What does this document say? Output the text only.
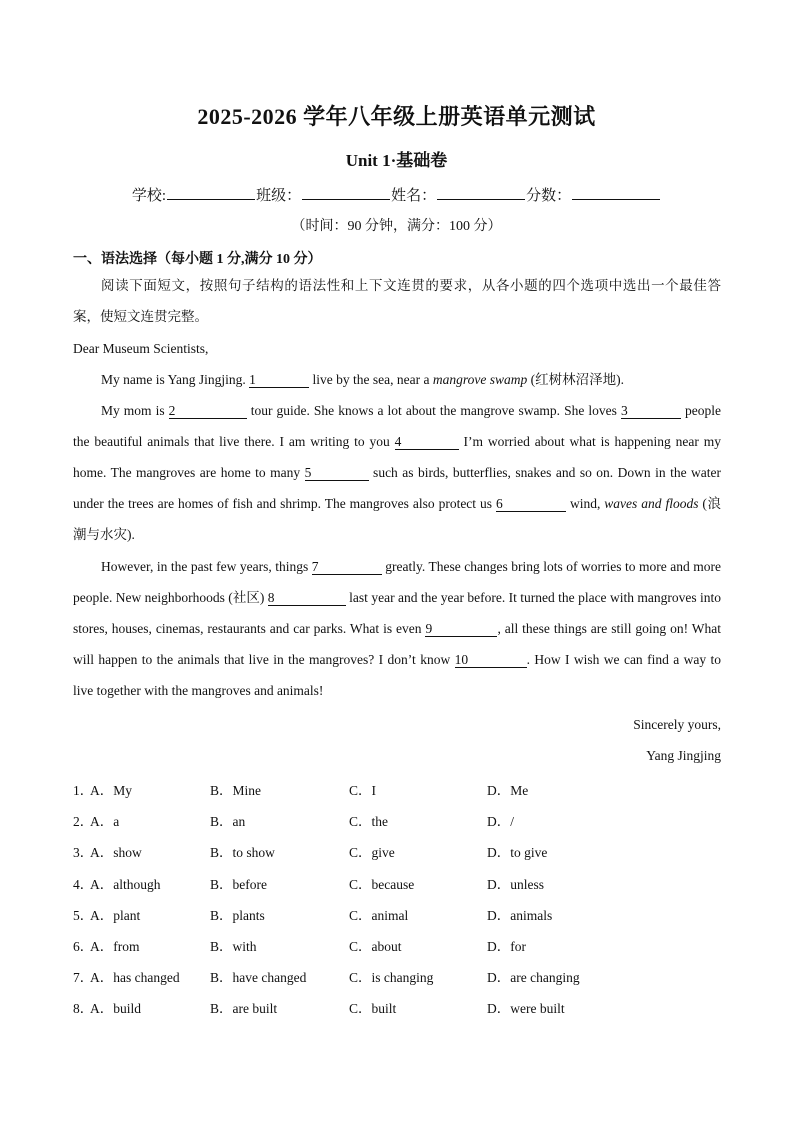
2025-2026 学年八年级上册英语单元测试
Unit 1·基础卷
学校:	班级：	姓名：	分数：
（时间：90 分钟，满分：100 分）
一、语法选择（每小题 1 分,满分 10 分）
阅读下面短文，按照句子结构的语法性和上下文连贯的要求，从各小题的四个选项中选出一个最佳答案，使短文连贯完整。
Dear Museum Scientists,
My name is Yang Jingjing. 1	live by the sea, near a mangrove swamp (红树林沼泽地).
My mom is 2	tour guide. She knows a lot about the mangrove swamp. She loves 3	people the beautiful animals that live there. I am writing to you 4	I’m worried about what is happening near my home. The mangroves are home to many 5	such as birds, butterflies, snakes and so on. Down in the water under the trees are homes of fish and shrimp. The mangroves also protect us 6	wind, waves and floods (浪潮与水灾).
However, in the past few years, things 7	greatly. These changes bring lots of worries to more and more people. New neighborhoods (社区) 8	last year and the year before. It turned the place with mangroves into stores, houses, cinemas, restaurants and car parks. What is even 9	, all these things are still going on! What will happen to the animals that live in the mangroves? I don’t know 10	. How I wish we can find a way to live together with the mangroves and animals!
Sincerely yours,
Yang Jingjing
1．
A．My	B．Mine	C．I	D．Me
2．
A．a	B．an	C．the	D．/
3．
A．show	B．to show	C．give	D．to give
4．
A．although	B．before	C．because	D．unless
5．
A．plant	B．plants	C．animal	D．animals
6．
A．from	B．with	C．about	D．for
7．
A．has changed B．have changed	C．is changing	D．are changing
8．
A．build	B．are built	C．built	D．were built
